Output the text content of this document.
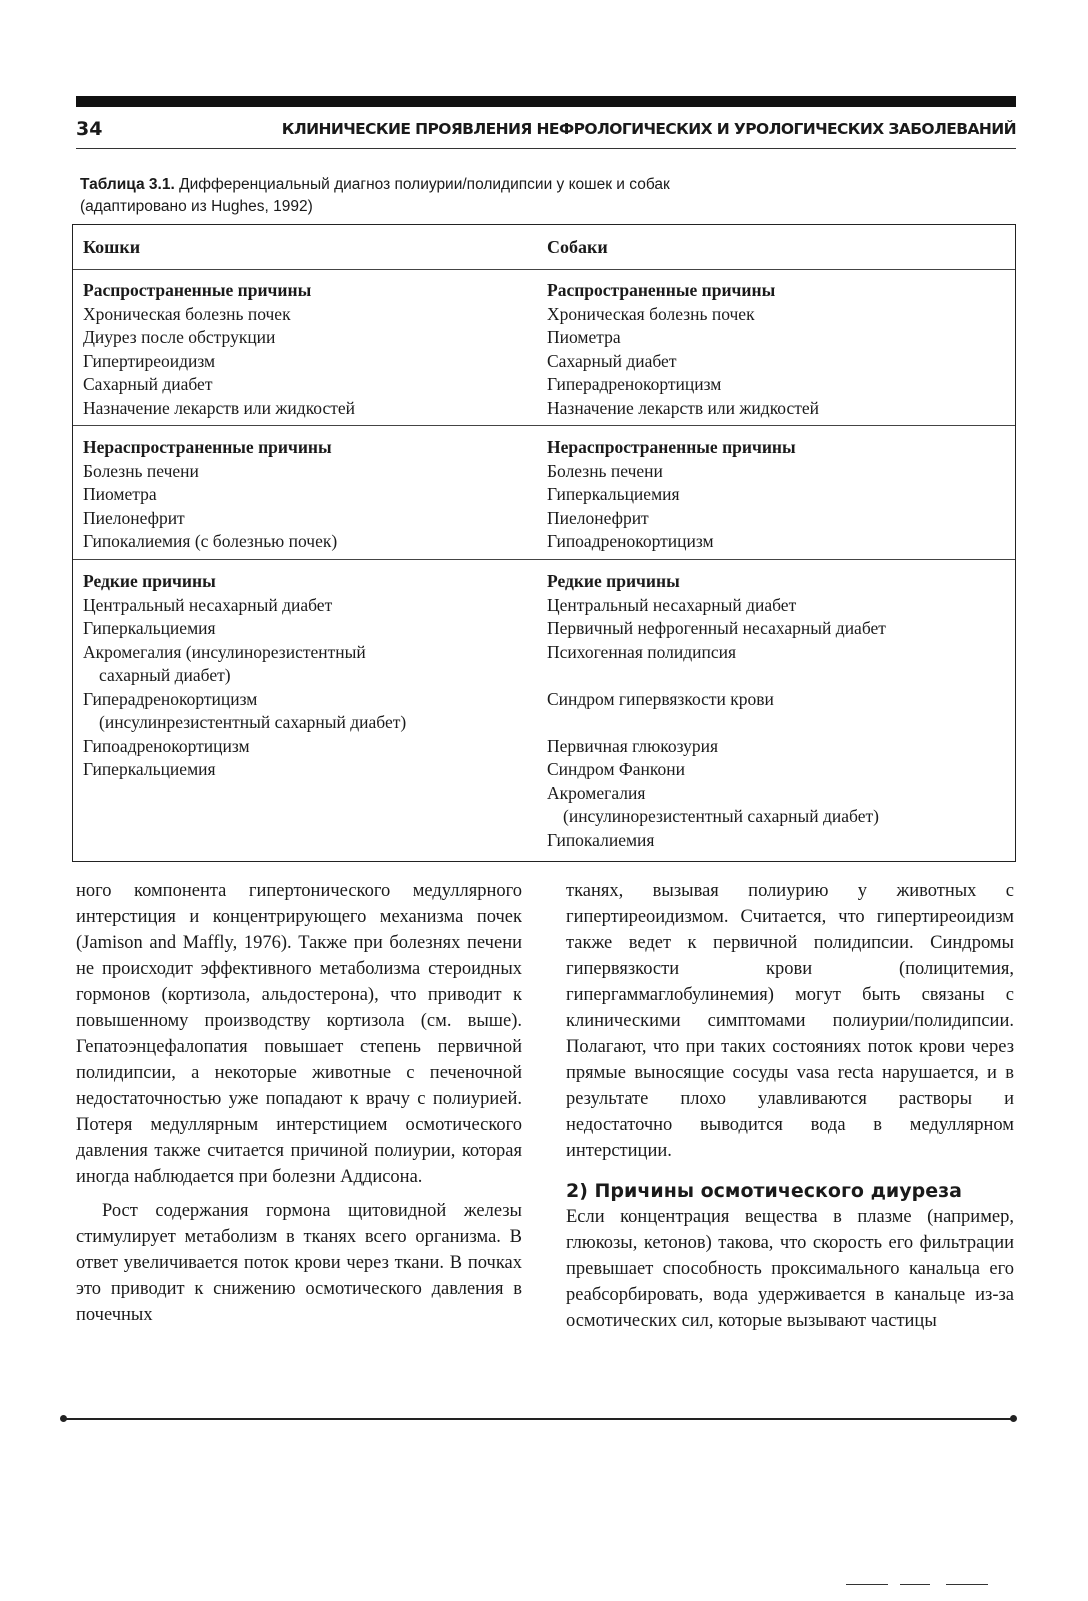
34	КЛИНИЧЕСКИЕ ПРОЯВЛЕНИЯ НЕФРОЛОГИЧЕСКИХ И УРОЛОГИЧЕСКИХ ЗАБОЛЕВАНИЙ
Таблица 3.1. Дифференциальный диагноз полиурии/полидипсии у кошек и собак
(адаптировано из Hughes, 1992)
Кошки	Собаки
Распространенные причины
Хроническая болезнь почек
Диурез после обструкции
Гипертиреоидизм
Сахарный диабет
Назначение лекарств или жидкостей
Распространенные причины
Хроническая болезнь почек
Пиометра
Сахарный диабет
Гиперадренокортицизм
Назначение лекарств или жидкостей
Нераспространенные причины
Болезнь печени
Пиометра
Пиелонефрит
Гипокалиемия (с болезнью почек)
Нераспространенные причины
Болезнь печени
Гиперкальциемия
Пиелонефрит
Гипоадренокортицизм
Редкие причины
Центральный несахарный диабет
Гиперкальциемия
Акромегалия (инсулинорезистентный
сахарный диабет)
Гиперадренокортицизм
(инсулинрезистентный сахарный диабет)
Гипоадренокортицизм
Гиперкальциемия
Редкие причины
Центральный несахарный диабет
Первичный нефрогенный несахарный диабет
Психогенная полидипсия
Синдром гипервязкости крови
Первичная глюкозурия
Синдром Фанкони
Акромегалия
(инсулинорезистентный сахарный диабет)
Гипокалиемия

ного компонента гипертонического медуллярного интерстиция и концентрирующего механизма почек (Jamison and Maffly, 1976). Также при болезнях печени не происходит эффективного метаболизма стероидных гормонов (кортизола, альдостерона), что приводит к повышенному производству кортизола (см. выше). Гепатоэнцефалопатия повышает степень первичной полидипсии, а некоторые животные с печеночной недостаточностью уже попадают к врачу с полиурией. Потеря медуллярным интерстицием осмотического давления также считается причиной полиурии, которая иногда наблюдается при болезни Аддисона.

Рост содержания гормона щитовидной железы стимулирует метаболизм в тканях всего организма. В ответ увеличивается поток крови через ткани. В почках это приводит к снижению осмотического давления в почечных

тканях, вызывая полиурию у животных с гипертиреоидизмом. Считается, что гипертиреоидизм также ведет к первичной полидипсии. Синдромы гипервязкости крови (полицитемия, гипергаммаглобулинемия) могут быть связаны с клиническими симптомами полиурии/полидипсии. Полагают, что при таких состояниях поток крови через прямые выносящие сосуды vasa recta нарушается, и в результате плохо улавливаются растворы и недостаточно выводится вода в медуллярном интерстиции.

2) Причины осмотического диуреза

Если концентрация вещества в плазме (например, глюкозы, кетонов) такова, что скорость его фильтрации превышает способность проксимального канальца его реабсорбировать, вода удерживается в канальце из-за осмотических сил, которые вызывают частицы
